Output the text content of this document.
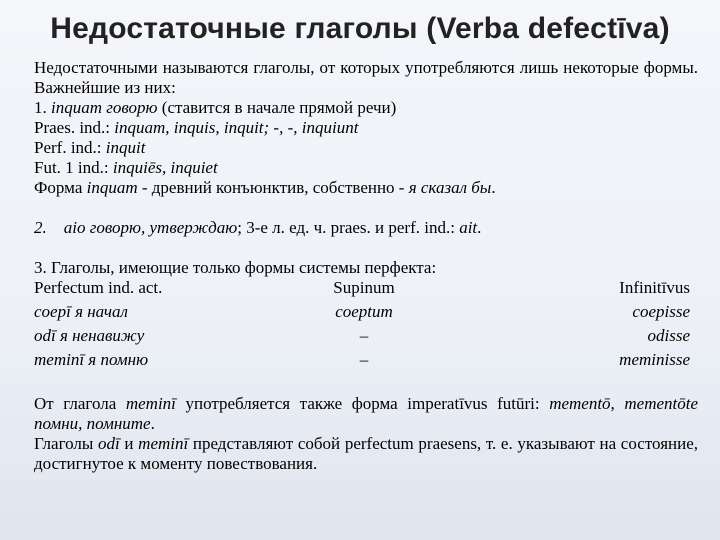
Недостаточные глаголы (Verba defectīva)
Недостаточными называются глаголы, от которых употребляются лишь некоторые формы. Важнейшие из них:
1. inquam говорю (ставится в начале прямой речи)
Praes. ind.: inquam, inquis, inquit; -, -, inquiunt
Perf. ind.: inquit
Fut. 1 ind.: inquiēs, inquiet
Форма inquam - древний конъюнктив, собственно - я сказал бы.
2. aio говорю, утверждаю; 3-е л. ед. ч. praes. и perf. ind.: ait.
3. Глаголы, имеющие только формы системы перфекта:
Perfectum ind. act.	Supinum	Infinitīvus
coepī я начал	coeptum	coepisse
odī я ненавижу	–	odisse
meminī я помню	–	meminisse
От глагола meminī употребляется также форма imperatīvus futūri: mementō, mementōte помни, помните.
Глаголы odī и meminī представляют собой perfectum praesens, т. е. указывают на состояние, достигнутое к моменту повествования.
